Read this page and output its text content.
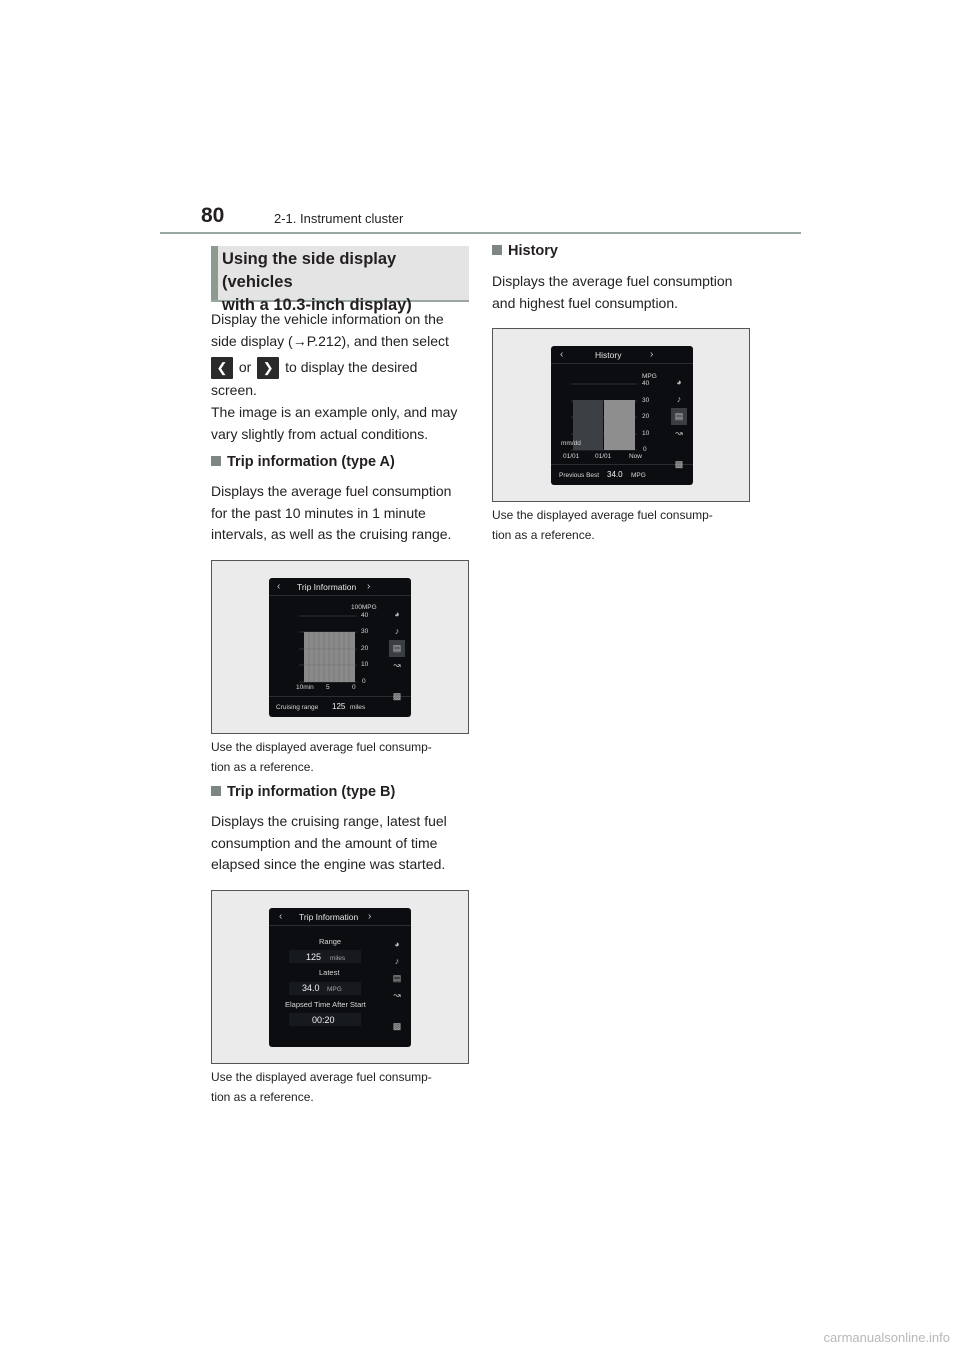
80	2-1. Instrument cluster
Using the side display (vehicles
with a 10.3-inch display)
Display the vehicle information on the
side display (→P.212), and then select
❮ or ❯ to display the desired
screen.
The image is an example only, and may
vary slightly from actual conditions.
Trip information (type A)
Displays the average fuel consumption
for the past 10 minutes in 1 minute
intervals, as well as the cruising range.
‹ Trip Information ›
100MPG
40
30
20
10
0
10min 5	0
Cruising range 125 miles
◕
♪
▤
↝
▩
Use the displayed average fuel consump-
tion as a reference.
Trip information (type B)
Displays the cruising range, latest fuel
consumption and the amount of time
elapsed since the engine was started.
‹ Trip Information ›
Range
125 miles
Latest
34.0 MPG
Elapsed Time After Start
00:20
◕
♪
▤
↝
▩
Use the displayed average fuel consump-
tion as a reference.
History
Displays the average fuel consumption
and highest fuel consumption.
‹	History	›
MPG
40
30
20
10
0
mm/dd
01/01 01/01	Now
Previous Best 34.0 MPG
◕
♪
▤
↝
▩
Use the displayed average fuel consump-
tion as a reference.
carmanualsonline.info
